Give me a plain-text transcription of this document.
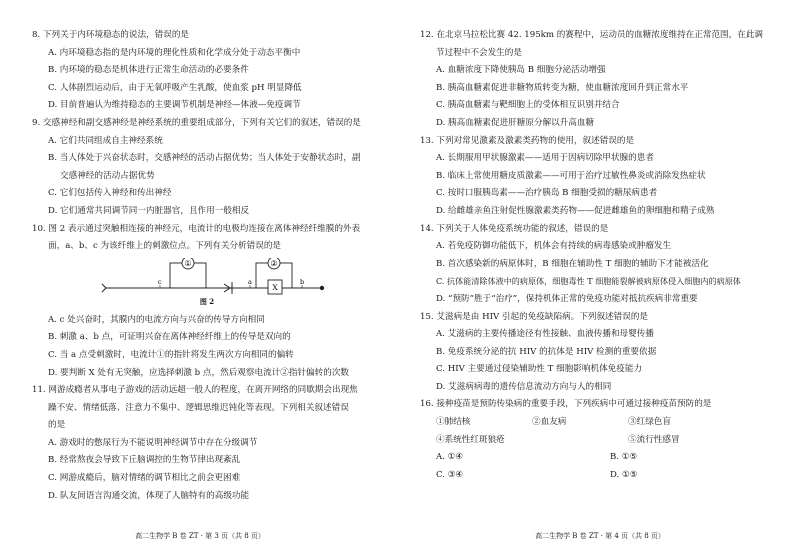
8. 下列关于内环境稳态的说法，错误的是
A. 内环境稳态指的是内环境的理化性质和化学成分处于动态平衡中
B. 内环境的稳态是机体进行正常生命活动的必要条件
C. 人体剧烈运动后，由于无氧呼吸产生乳酸，使血浆 pH 明显降低
D. 目前普遍认为维持稳态的主要调节机制是神经—体液—免疫调节
9. 交感神经和副交感神经是神经系统的重要组成部分，下列有关它们的叙述，错误的是
A. 它们共同组成自主神经系统
B. 当人体处于兴奋状态时，交感神经的活动占据优势；当人体处于安静状态时，副
交感神经的活动占据优势
C. 它们包括传入神经和传出神经
D. 它们通常共同调节同一内脏器官，且作用一般相反
10. 图 2 表示通过突触相连接的神经元，电流计的电极均连接在离体神经纤维膜的外表
面，a、b、c 为该纤维上的刺激位点。下列有关分析错误的是
①	②
X
c	a	b
图 2
A. c 处兴奋时，其膜内的电流方向与兴奋的传导方向相同
B. 刺激 a、b 点，可证明兴奋在离体神经纤维上的传导是双向的
C. 当 a 点受刺激时，电流计①的指针将发生两次方向相同的偏转
D. 要判断 X 处有无突触，应选择刺激 b 点，然后观察电流计②指针偏转的次数
11. 网游成瘾者从事电子游戏的活动远超一般人的程度，在离开网络的同歇期会出现焦
躁不安、情绪低落、注意力不集中、逻辑思维迟钝化等表现。下列相关叙述错误
的是
A. 游戏时的憋尿行为不能说明神经调节中存在分级调节
B. 经常熬夜会导致下丘脑调控的生物节律出现紊乱
C. 网游成瘾后，脑对情绪的调节相比之前会更困难
D. 队友间语言沟通交流，体现了人脑特有的高级功能
高二生物学 B 卷 ZT · 第 3 页（共 8 页）
12. 在北京马拉松比赛 42. 195km 的赛程中，运动员的血糖浓度维持在正常范围，在此调
节过程中不会发生的是
A. 血糖浓度下降使胰岛 B 细胞分泌活动增强
B. 胰高血糖素促进非糖物质转变为糖，使血糖浓度回升到正常水平
C. 胰高血糖素与靶细胞上的受体相互识别并结合
D. 胰高血糖素促进肝糖原分解以升高血糖
13. 下列对常见激素及激素类药物的使用，叙述错误的是
A. 长期服用甲状腺激素——适用于因病切除甲状腺的患者
B. 临床上常使用糖皮质激素——可用于治疗过敏性鼻炎或消除发热症状
C. 按时口服胰岛素——治疗胰岛 B 细胞受损的糖尿病患者
D. 给雌雄亲鱼注射促性腺激素类药物——促进雌雄鱼的卵细胞和精子成熟
14. 下列关于人体免疫系统功能的叙述，错误的是
A. 若免疫防御功能低下，机体会有持续的病毒感染或肿瘤发生
B. 首次感染新的病原体时，B 细胞在辅助性 T 细胞的辅助下才能被活化
C. 抗体能清除体液中的病原体，细胞毒性 T 细胞能裂解被病原体侵入细胞内的病原体
D. “预防”胜于“治疗”，保持机体正常的免疫功能对抵抗疾病非常重要
15. 艾滋病是由 HIV 引起的免疫缺陷病。下列叙述错误的是
A. 艾滋病的主要传播途径有性接触、血液传播和母婴传播
B. 免疫系统分泌的抗 HIV 的抗体是 HIV 检测的重要依据
C. HIV 主要通过侵染辅助性 T 细胞影响机体免疫能力
D. 艾滋病病毒的遗传信息流动方向与人的相同
16. 接种疫苗是预防传染病的重要手段，下列疾病中可通过接种疫苗预防的是
①肺结核	②血友病	③红绿色盲
④系统性红斑狼疮	⑤流行性感冒
A. ①④	B. ①⑤
C. ③④	D. ①⑤
高二生物学 B 卷 ZT · 第 4 页（共 8 页）
